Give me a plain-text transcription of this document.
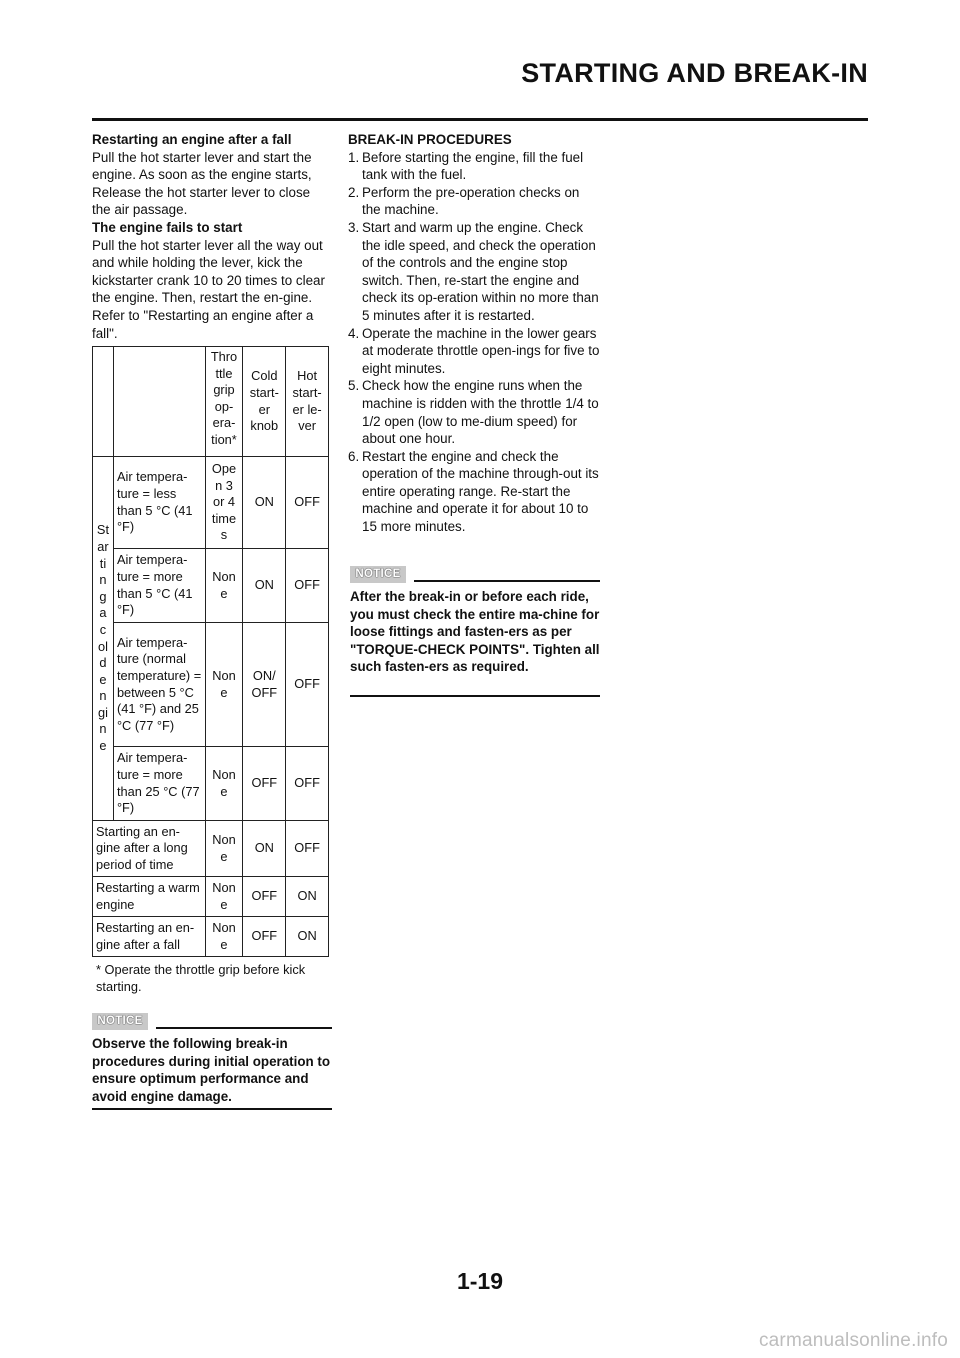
STARTING AND BREAK-IN

Restarting an engine after a fall

Pull the hot starter lever and start the engine. As soon as the engine starts, Release the hot starter lever to close the air passage.

The engine fails to start

Pull the hot starter lever all the way out and while holding the lever, kick the kickstarter crank 10 to 20 times to clear the engine. Then, restart the en-gine. Refer to "Restarting an engine after a fall".

		Thro ttle grip op- era- tion*	Cold start- er knob	Hot start- er le- ver
St ar ti n g a c ol d e n gi n e	Air tempera- ture = less than 5 °C (41 °F)	Ope n 3 or 4 time s	ON	OFF
	Air tempera- ture = more than 5 °C (41 °F)	Non e	ON	OFF
	Air tempera- ture (normal temperature) = between 5 °C (41 °F) and 25 °C (77 °F)	Non e	ON/ OFF	OFF
	Air tempera- ture = more than 25 °C (77 °F)	Non e	OFF	OFF
Starting an en- gine after a long period of time		Non e	ON	OFF
Restarting a warm engine		Non e	OFF	ON
Restarting an en- gine after a fall		Non e	OFF	ON
* Operate the throttle grip before kick starting.
NOTICE
Observe the following break-in procedures during initial operation to ensure optimum performance and avoid engine damage.

BREAK-IN PROCEDURES

1. Before starting the engine, fill the fuel tank with the fuel.
2. Perform the pre-operation checks on the machine.
3. Start and warm up the engine. Check the idle speed, and check the operation of the controls and the engine stop switch. Then, re-start the engine and check its op-eration within no more than 5 minutes after it is restarted.
4. Operate the machine in the lower gears at moderate throttle open-ings for five to eight minutes.
5. Check how the engine runs when the machine is ridden with the throttle 1/4 to 1/2 open (low to me-dium speed) for about one hour.
6. Restart the engine and check the operation of the machine through-out its entire operating range. Re-start the machine and operate it for about 10 to 15 more minutes.
NOTICE
After the break-in or before each ride, you must check the entire ma-chine for loose fittings and fasten-ers as per "TORQUE-CHECK POINTS". Tighten all such fasten-ers as required.
1-19
carmanualsonline.info
